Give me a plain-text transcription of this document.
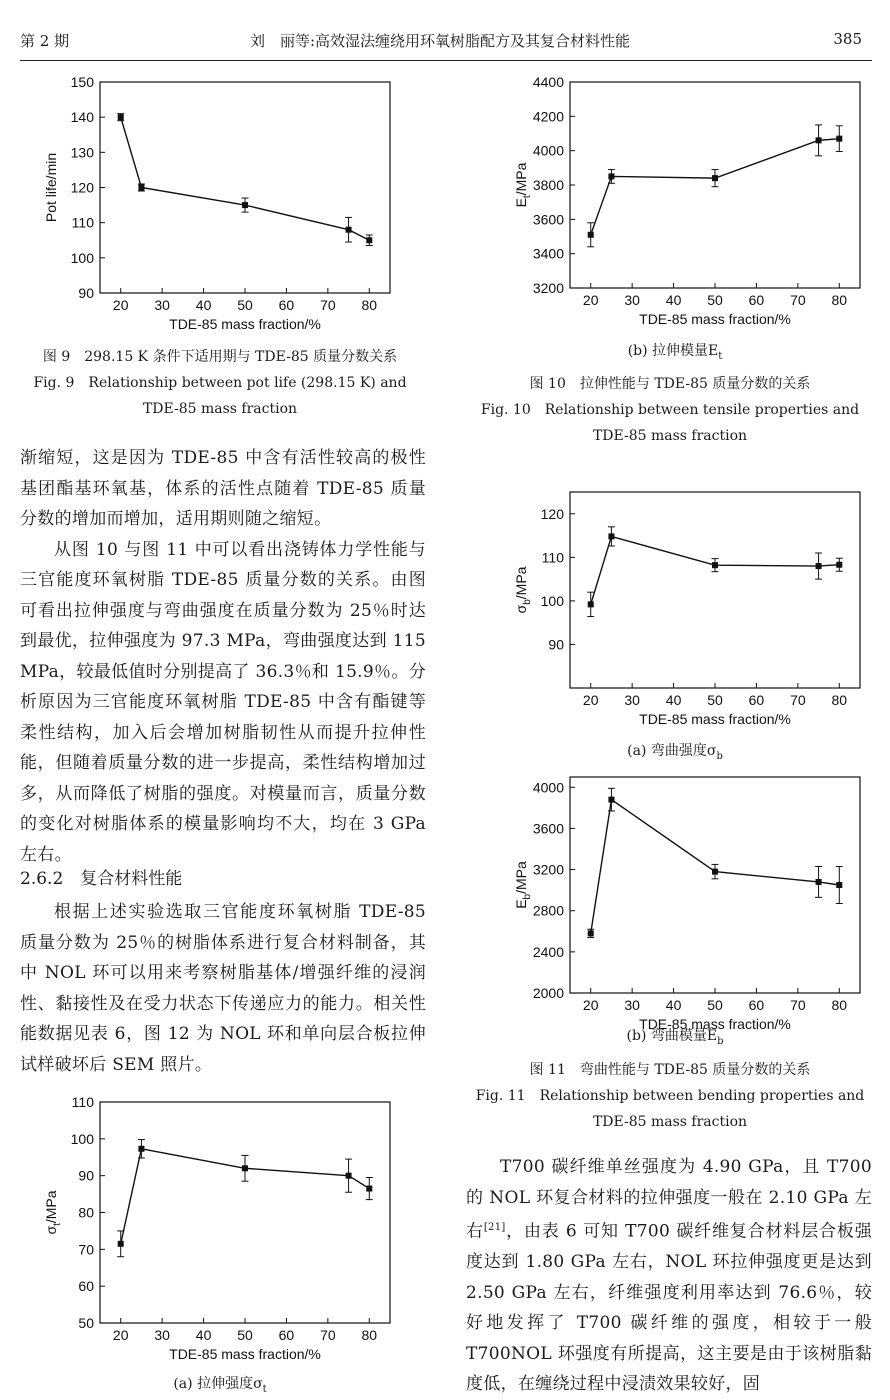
第 2 期	刘　丽等:高效湿法缠绕用环氧树脂配方及其复合材料性能	385
20 30 40 50 60 70 80
90
100
110
120
130
140
150
TDE-85 mass fraction/%
Pot life/min
20 30 40 50 60 70 80
3200
3400
3600
3800
4000
4200
4400
TDE-85 mass fraction/%
$E_t$/MPa
20 30 40 50 60 70 80
90
100
110
120
TDE-85 mass fraction/%
$\sigma_b$/MPa
20 30 40 50 60 70 80
2000
2400
2800
3200
3600
4000
TDE-85 mass fraction/%
$E_b$/MPa
20 30 40 50 60 70 80
50
60
70
80
90
100
110
TDE-85 mass fraction/%
$\sigma_t$/MPa
图 9　298.15 K 条件下适用期与 TDE-85 质量分数关系
Fig. 9　Relationship between pot life (298.15 K) and
TDE-85 mass fraction
(b) 拉伸模量$E_t$
图 10　拉伸性能与 TDE-85 质量分数的关系
Fig. 10　Relationship between tensile properties and
TDE-85 mass fraction
(a) 弯曲强度$\sigma_b$
(b) 弯曲模量$E_b$
图 11　弯曲性能与 TDE-85 质量分数的关系
Fig. 11　Relationship between bending properties and
TDE-85 mass fraction
(a) 拉伸强度$\sigma_t$

渐缩短，这是因为 TDE-85 中含有活性较高的极性基团酯基环氧基，体系的活性点随着 TDE-85 质量分数的增加而增加，适用期则随之缩短。

从图 10 与图 11 中可以看出浇铸体力学性能与三官能度环氧树脂 TDE-85 质量分数的关系。由图可看出拉伸强度与弯曲强度在质量分数为 25％时达到最优，拉伸强度为 97.3 MPa，弯曲强度达到 115 MPa，较最低值时分别提高了 36.3％和 15.9％。分析原因为三官能度环氧树脂 TDE-85 中含有酯键等柔性结构，加入后会增加树脂韧性从而提升拉伸性能，但随着质量分数的进一步提高，柔性结构增加过多，从而降低了树脂的强度。对模量而言，质量分数的变化对树脂体系的模量影响均不大，均在 3 GPa 左右。

2.6.2　复合材料性能

根据上述实验选取三官能度环氧树脂 TDE-85 质量分数为 25％的树脂体系进行复合材料制备，其中 NOL 环可以用来考察树脂基体/增强纤维的浸润性、黏接性及在受力状态下传递应力的能力。相关性能数据见表 6，图 12 为 NOL 环和单向层合板拉伸试样破坏后 SEM 照片。

T700 碳纤维单丝强度为 4.90 GPa，且 T700 的 NOL 环复合材料的拉伸强度一般在 2.10 GPa 左右[21]，由表 6 可知 T700 碳纤维复合材料层合板强度达到 1.80 GPa 左右，NOL 环拉伸强度更是达到 2.50 GPa 左右，纤维强度利用率达到 76.6％，较好地发挥了 T700 碳纤维的强度，相较于一般 T700NOL 环强度有所提高，这主要是由于该树脂黏度低，在缠绕过程中浸渍效果较好，固
